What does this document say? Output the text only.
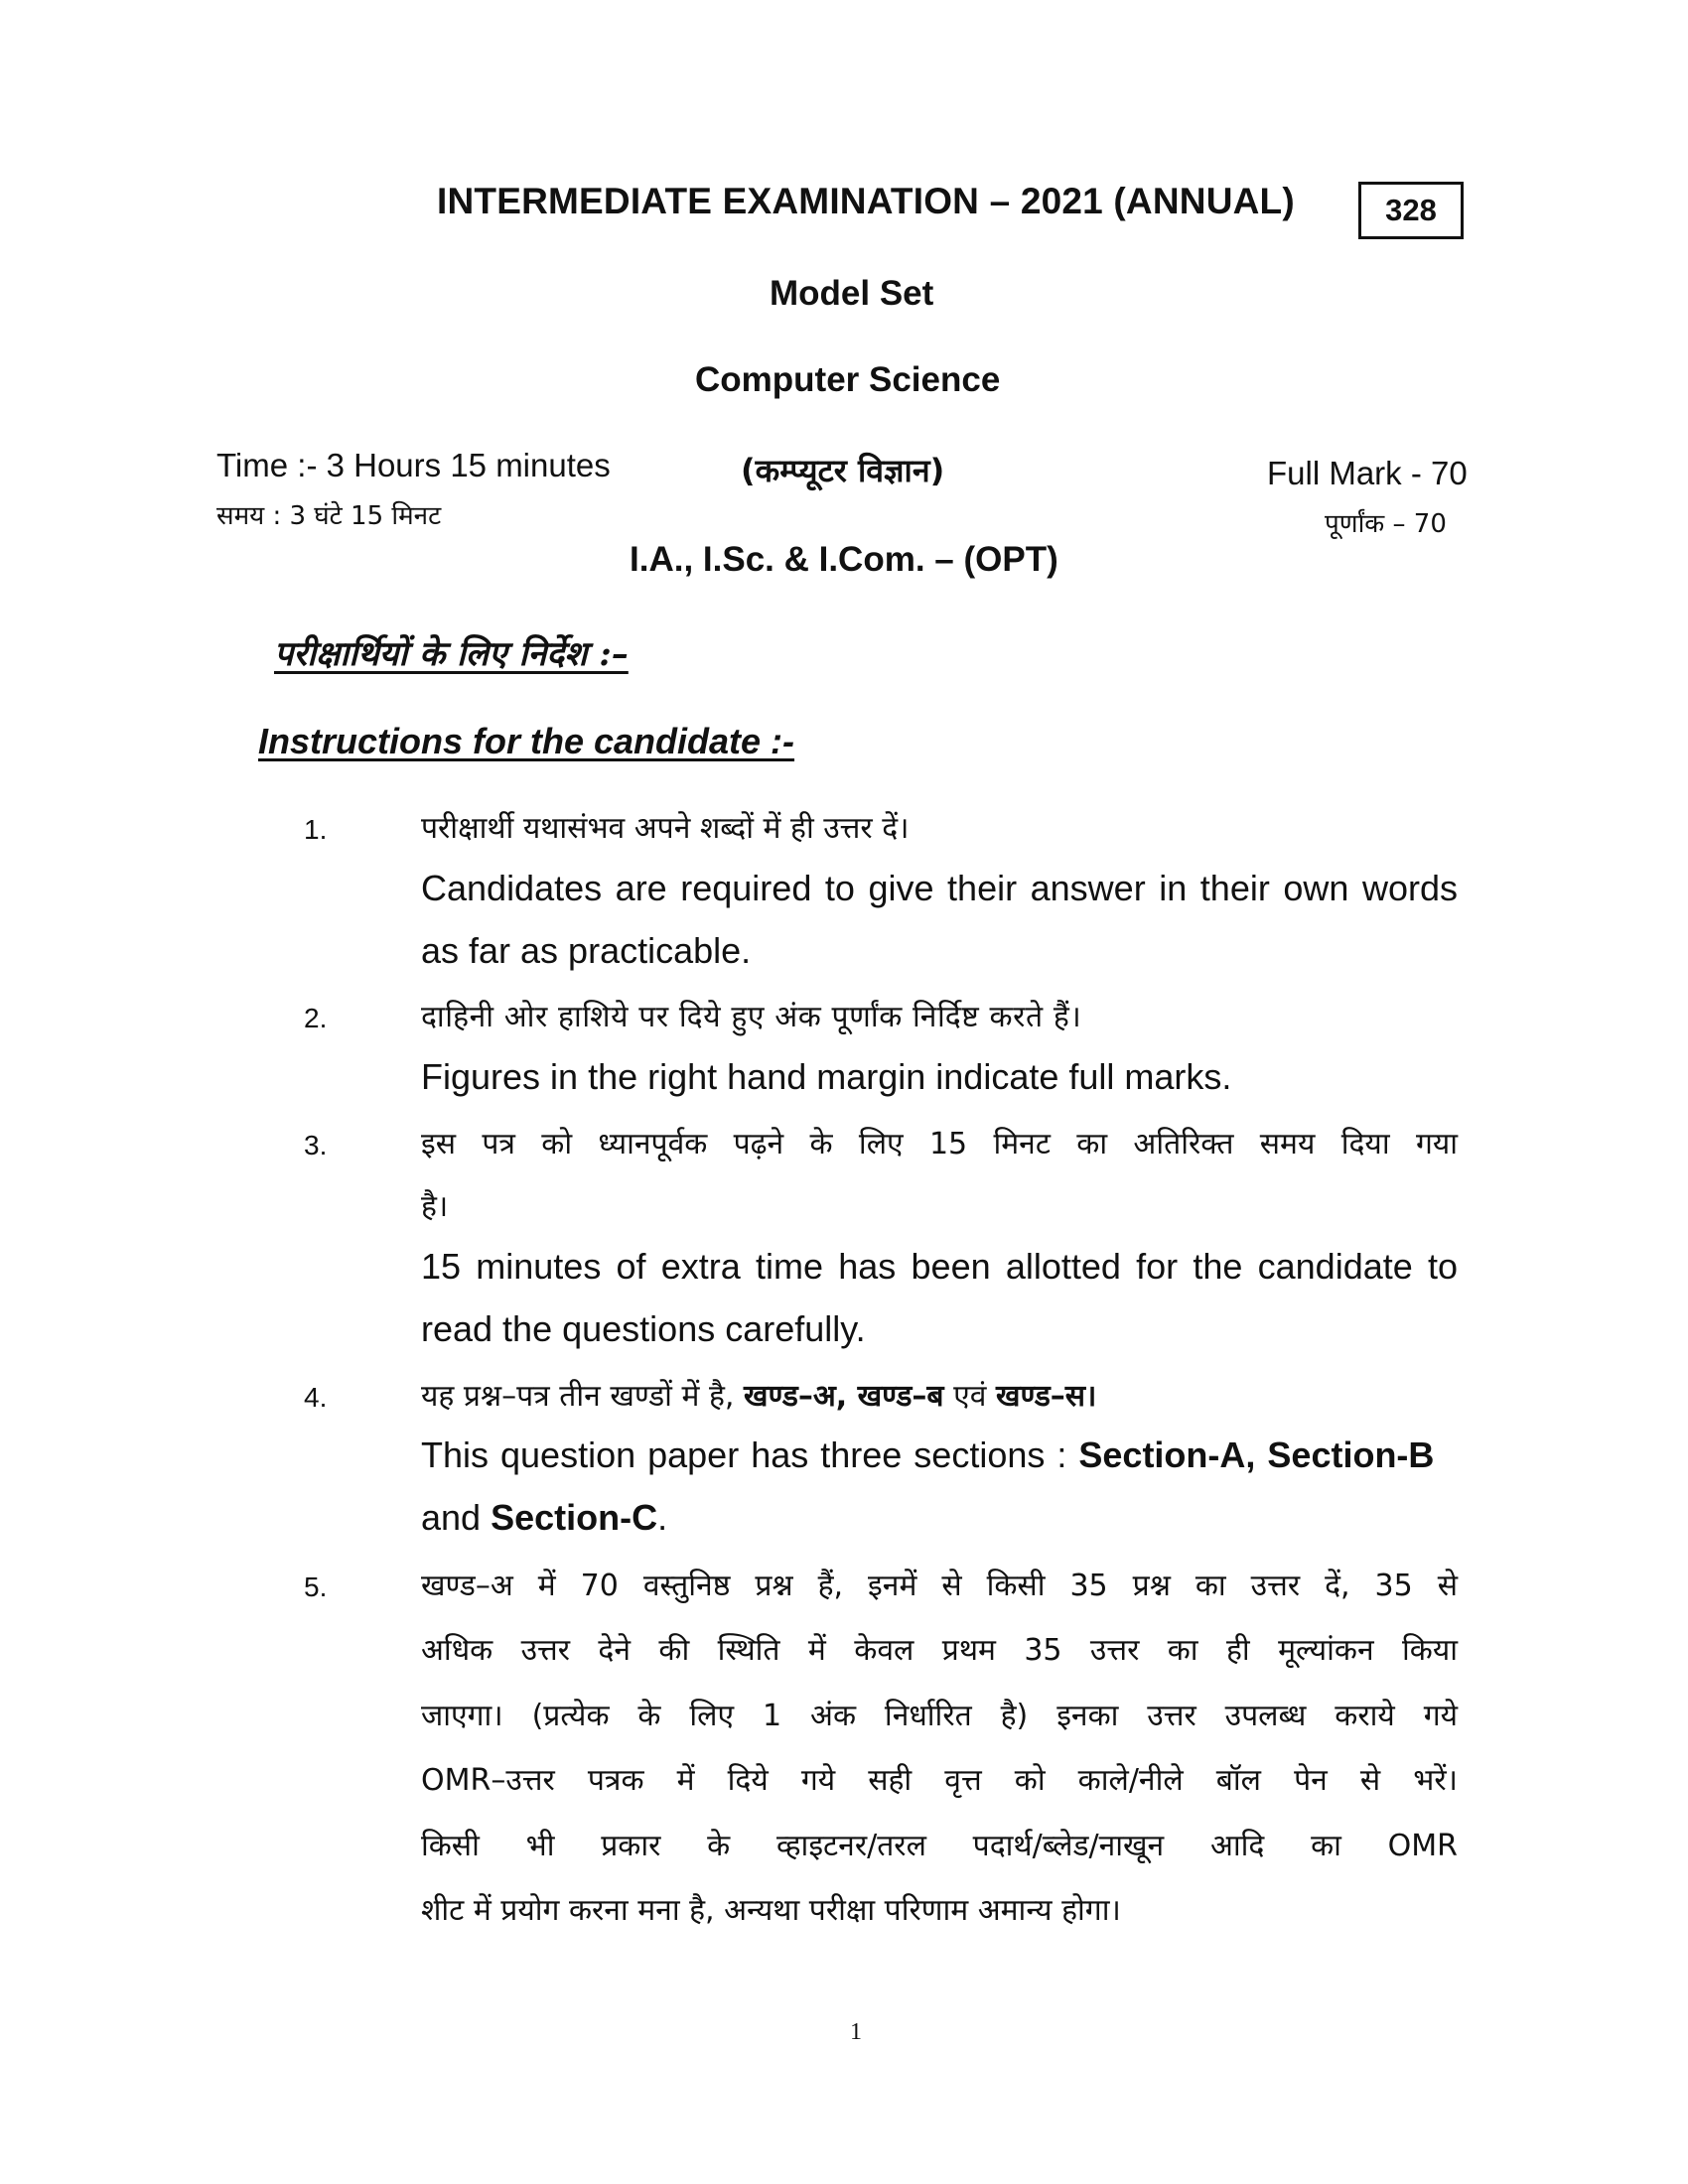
INTERMEDIATE EXAMINATION – 2021 (ANNUAL)	328
Model Set
Computer Science
Time :- 3 Hours 15 minutes
समय : 3 घंटे 15 मिनट
(कम्प्यूटर विज्ञान)	Full Mark - 70
पूर्णांक – 70
I.A., I.Sc. & I.Com. – (OPT)
परीक्षार्थियों के लिए निर्देश :–
Instructions for the candidate :-
1.	परीक्षार्थी यथासंभव अपने शब्दों में ही उत्तर दें।
Candidates are required to give their answer in their own words
as far as practicable.
2.	दाहिनी ओर हाशिये पर दिये हुए अंक पूर्णांक निर्दिष्ट करते हैं।
Figures in the right hand margin indicate full marks.
3.	इस पत्र को ध्यानपूर्वक पढ़ने के लिए 15 मिनट का अतिरिक्त समय दिया गया
है।
15 minutes of extra time has been allotted for the candidate to
read the questions carefully.
4.	यह प्रश्न–पत्र तीन खण्डों में है, खण्ड–अ, खण्ड–ब एवं खण्ड–स।
This question paper has three sections : Section-A, Section-B
and Section-C.
5.	खण्ड–अ में 70 वस्तुनिष्ठ प्रश्न हैं, इनमें से किसी 35 प्रश्न का उत्तर दें, 35 से
अधिक उत्तर देने की स्थिति में केवल प्रथम 35 उत्तर का ही मूल्यांकन किया
जाएगा। (प्रत्येक के लिए 1 अंक निर्धारित है) इनका उत्तर उपलब्ध कराये गये
OMR–उत्तर पत्रक में दिये गये सही वृत्त को काले/नीले बॉल पेन से भरें।
किसी भी प्रकार के व्हाइटनर/तरल पदार्थ/ब्लेड/नाखून आदि का OMR
शीट में प्रयोग करना मना है, अन्यथा परीक्षा परिणाम अमान्य होगा।
1
